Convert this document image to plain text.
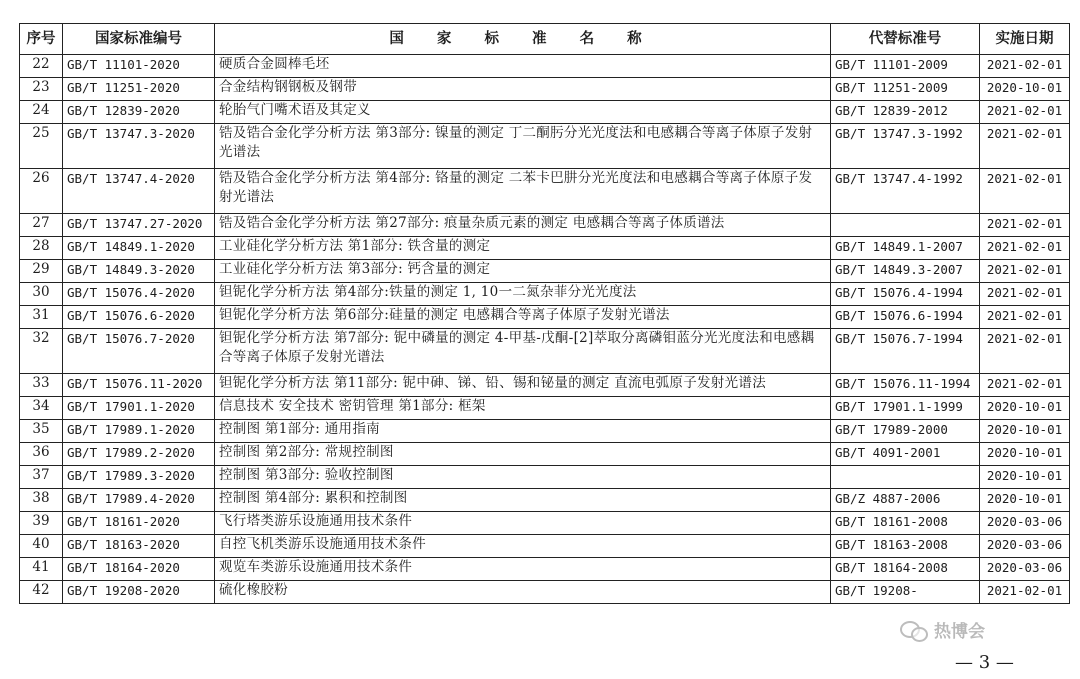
序号	国家标准编号	国 家 标 准 名 称	代替标准号	实施日期
22	GB/T 11101-2020	硬质合金圆棒毛坯	GB/T 11101-2009	2021-02-01
23	GB/T 11251-2020	合金结构钢钢板及钢带	GB/T 11251-2009	2020-10-01
24	GB/T 12839-2020	轮胎气门嘴术语及其定义	GB/T 12839-2012	2021-02-01
25	GB/T 13747.3-2020	锆及锆合金化学分析方法 第3部分: 镍量的测定 丁二酮肟分光光度法和电感耦合等离子体原子发射光谱法	GB/T 13747.3-1992	2021-02-01
26	GB/T 13747.4-2020	锆及锆合金化学分析方法 第4部分: 铬量的测定 二苯卡巴肼分光光度法和电感耦合等离子体原子发射光谱法	GB/T 13747.4-1992	2021-02-01
27	GB/T 13747.27-2020	锆及锆合金化学分析方法 第27部分: 痕量杂质元素的测定 电感耦合等离子体质谱法		2021-02-01
28	GB/T 14849.1-2020	工业硅化学分析方法 第1部分: 铁含量的测定	GB/T 14849.1-2007	2021-02-01
29	GB/T 14849.3-2020	工业硅化学分析方法 第3部分: 钙含量的测定	GB/T 14849.3-2007	2021-02-01
30	GB/T 15076.4-2020	钽铌化学分析方法 第4部分:铁量的测定 1, 10一二氮杂菲分光光度法	GB/T 15076.4-1994	2021-02-01
31	GB/T 15076.6-2020	钽铌化学分析方法 第6部分:硅量的测定 电感耦合等离子体原子发射光谱法	GB/T 15076.6-1994	2021-02-01
32	GB/T 15076.7-2020	钽铌化学分析方法 第7部分: 铌中磷量的测定 4-甲基-戊酮-[2]萃取分离磷钼蓝分光光度法和电感耦合等离子体原子发射光谱法	GB/T 15076.7-1994	2021-02-01
33	GB/T 15076.11-2020	钽铌化学分析方法 第11部分: 铌中砷、锑、铅、锡和铋量的测定 直流电弧原子发射光谱法	GB/T 15076.11-1994	2021-02-01
34	GB/T 17901.1-2020	信息技术 安全技术 密钥管理 第1部分: 框架	GB/T 17901.1-1999	2020-10-01
35	GB/T 17989.1-2020	控制图 第1部分: 通用指南	GB/T 17989-2000	2020-10-01
36	GB/T 17989.2-2020	控制图 第2部分: 常规控制图	GB/T 4091-2001	2020-10-01
37	GB/T 17989.3-2020	控制图 第3部分: 验收控制图		2020-10-01
38	GB/T 17989.4-2020	控制图 第4部分: 累积和控制图	GB/Z 4887-2006	2020-10-01
39	GB/T 18161-2020	飞行塔类游乐设施通用技术条件	GB/T 18161-2008	2020-03-06
40	GB/T 18163-2020	自控飞机类游乐设施通用技术条件	GB/T 18163-2008	2020-03-06
41	GB/T 18164-2020	观览车类游乐设施通用技术条件	GB/T 18164-2008	2020-03-06
42	GB/T 19208-2020	硫化橡胶粉	GB/T 19208-	2021-02-01
热博会
— 3 —
